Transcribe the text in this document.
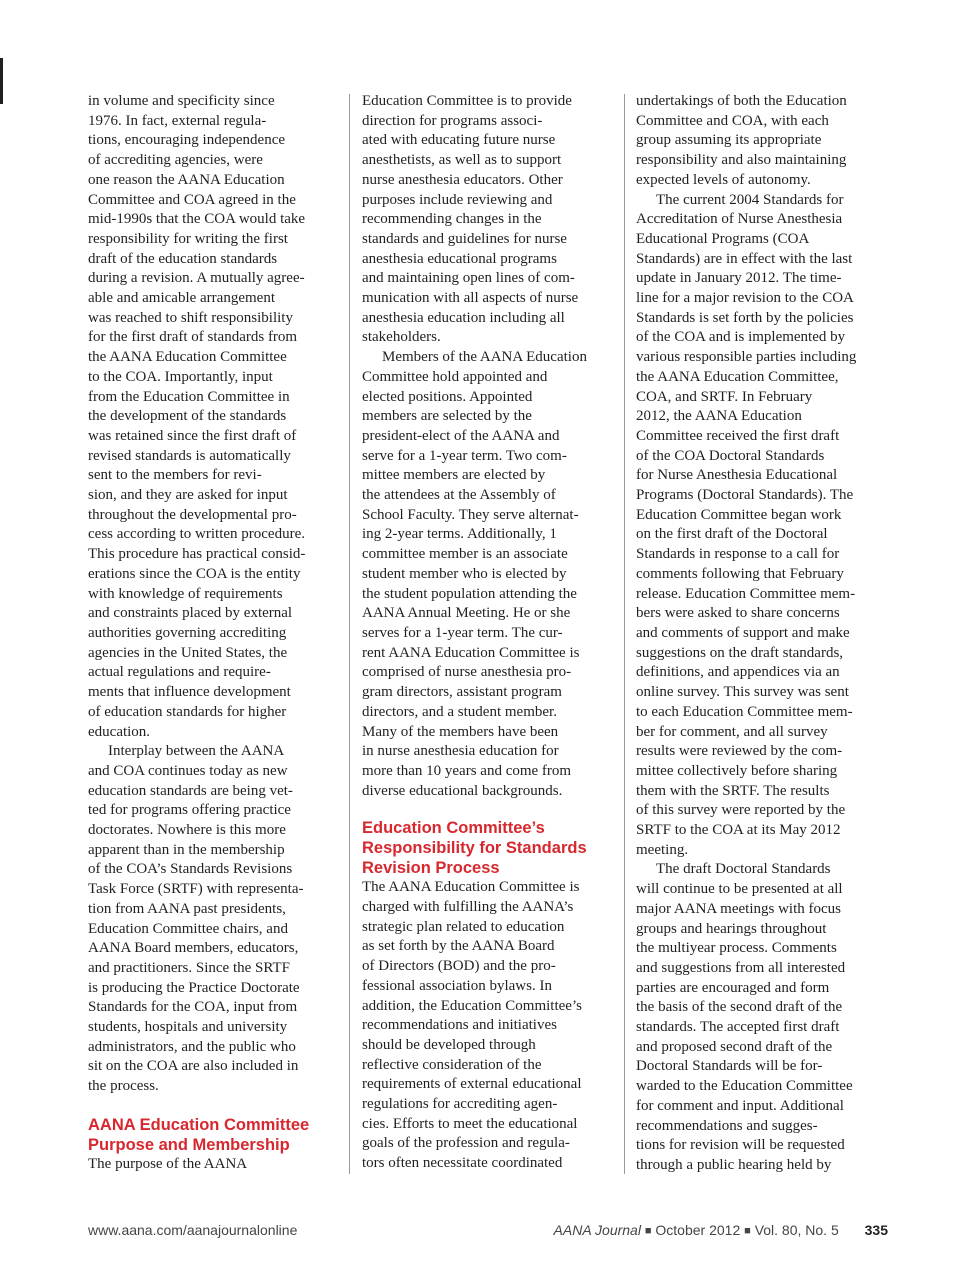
in volume and specificity since
1976. In fact, external regula-
tions, encouraging independence
of accrediting agencies, were
one reason the AANA Education
Committee and COA agreed in the
mid-1990s that the COA would take
responsibility for writing the first
draft of the education standards
during a revision. A mutually agree-
able and amicable arrangement
was reached to shift responsibility
for the first draft of standards from
the AANA Education Committee
to the COA. Importantly, input
from the Education Committee in
the development of the standards
was retained since the first draft of
revised standards is automatically
sent to the members for revi-
sion, and they are asked for input
throughout the developmental pro-
cess according to written procedure.
This procedure has practical consid-
erations since the COA is the entity
with knowledge of requirements
and constraints placed by external
authorities governing accrediting
agencies in the United States, the
actual regulations and require-
ments that influence development
of education standards for higher
education.
Interplay between the AANA
and COA continues today as new
education standards are being vet-
ted for programs offering practice
doctorates. Nowhere is this more
apparent than in the membership
of the COA’s Standards Revisions
Task Force (SRTF) with representa-
tion from AANA past presidents,
Education Committee chairs, and
AANA Board members, educators,
and practitioners. Since the SRTF
is producing the Practice Doctorate
Standards for the COA, input from
students, hospitals and university
administrators, and the public who
sit on the COA are also included in
the process.
AANA Education Committee
Purpose and Membership
The purpose of the AANA
Education Committee is to provide
direction for programs associ-
ated with educating future nurse
anesthetists, as well as to support
nurse anesthesia educators. Other
purposes include reviewing and
recommending changes in the
standards and guidelines for nurse
anesthesia educational programs
and maintaining open lines of com-
munication with all aspects of nurse
anesthesia education including all
stakeholders.
Members of the AANA Education
Committee hold appointed and
elected positions. Appointed
members are selected by the
president-elect of the AANA and
serve for a 1-year term. Two com-
mittee members are elected by
the attendees at the Assembly of
School Faculty. They serve alternat-
ing 2-year terms. Additionally, 1
committee member is an associate
student member who is elected by
the student population attending the
AANA Annual Meeting. He or she
serves for a 1-year term. The cur-
rent AANA Education Committee is
comprised of nurse anesthesia pro-
gram directors, assistant program
directors, and a student member.
Many of the members have been
in nurse anesthesia education for
more than 10 years and come from
diverse educational backgrounds.
Education Committee’s
Responsibility for Standards
Revision Process
The AANA Education Committee is
charged with fulfilling the AANA’s
strategic plan related to education
as set forth by the AANA Board
of Directors (BOD) and the pro-
fessional association bylaws. In
addition, the Education Committee’s
recommendations and initiatives
should be developed through
reflective consideration of the
requirements of external educational
regulations for accrediting agen-
cies. Efforts to meet the educational
goals of the profession and regula-
tors often necessitate coordinated
undertakings of both the Education
Committee and COA, with each
group assuming its appropriate
responsibility and also maintaining
expected levels of autonomy.
The current 2004 Standards for
Accreditation of Nurse Anesthesia
Educational Programs (COA
Standards) are in effect with the last
update in January 2012. The time-
line for a major revision to the COA
Standards is set forth by the policies
of the COA and is implemented by
various responsible parties including
the AANA Education Committee,
COA, and SRTF. In February
2012, the AANA Education
Committee received the first draft
of the COA Doctoral Standards
for Nurse Anesthesia Educational
Programs (Doctoral Standards). The
Education Committee began work
on the first draft of the Doctoral
Standards in response to a call for
comments following that February
release. Education Committee mem-
bers were asked to share concerns
and comments of support and make
suggestions on the draft standards,
definitions, and appendices via an
online survey. This survey was sent
to each Education Committee mem-
ber for comment, and all survey
results were reviewed by the com-
mittee collectively before sharing
them with the SRTF. The results
of this survey were reported by the
SRTF to the COA at its May 2012
meeting.
The draft Doctoral Standards
will continue to be presented at all
major AANA meetings with focus
groups and hearings throughout
the multiyear process. Comments
and suggestions from all interested
parties are encouraged and form
the basis of the second draft of the
standards. The accepted first draft
and proposed second draft of the
Doctoral Standards will be for-
warded to the Education Committee
for comment and input. Additional
recommendations and sugges-
tions for revision will be requested
through a public hearing held by
www.aana.com/aanajournalonline	AANA Journal ■ October 2012 ■ Vol. 80, No. 5 335
